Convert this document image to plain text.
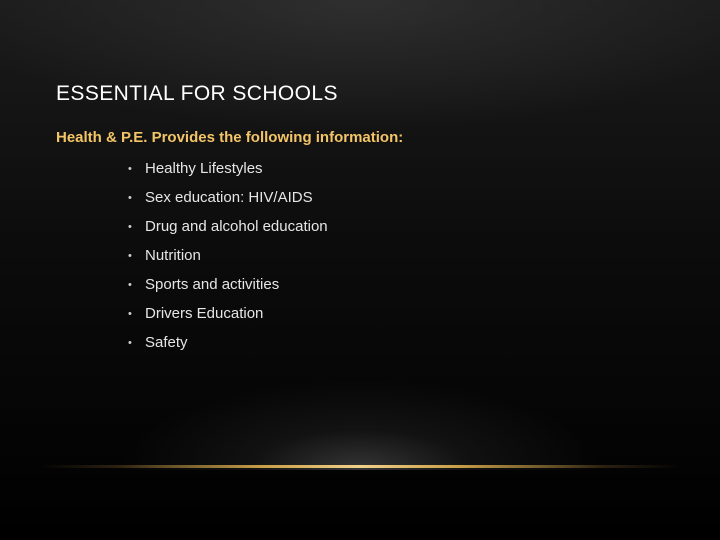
ESSENTIAL FOR SCHOOLS

Health & P.E. Provides the following information:

• Healthy Lifestyles
• Sex education: HIV/AIDS
• Drug and alcohol education
• Nutrition
• Sports and activities
• Drivers Education
• Safety
